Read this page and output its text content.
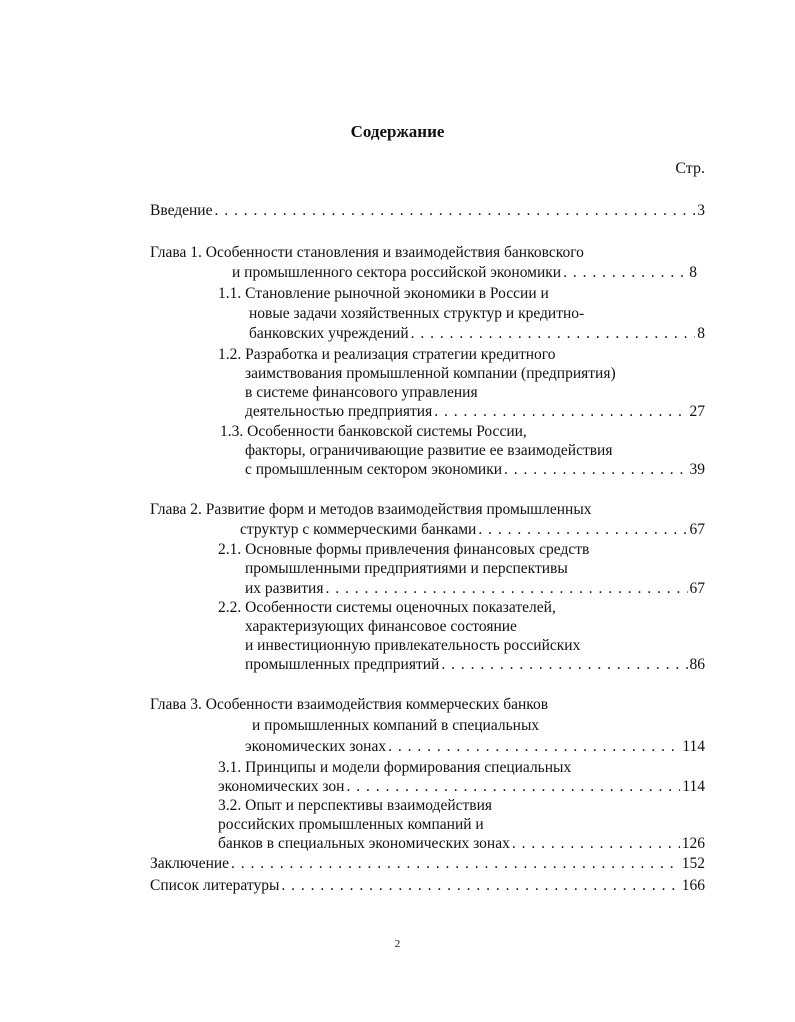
Содержание
Стр.
Введение . . .	3
Глава 1. Особенности становления и взаимодействия банковского
и промышленного сектора российской экономики . . .	8
1.1. Становление рыночной экономики в России и
новые задачи хозяйственных структур и кредитно-
банковских учреждений . . .	8
1.2. Разработка и реализация стратегии кредитного
заимствования промышленной компании (предприятия)
в системе финансового управления
деятельностью предприятия . . .	27
1.3. Особенности банковской системы России,
факторы, ограничивающие развитие ее взаимодействия
с промышленным сектором экономики . . .	39
Глава 2. Развитие форм и методов взаимодействия промышленных
структур с коммерческими банками . . .	67
2.1. Основные формы привлечения финансовых средств
промышленными предприятиями и перспективы
их развития . . .	67
2.2. Особенности системы оценочных показателей,
характеризующих финансовое состояние
и инвестиционную привлекательность российских
промышленных предприятий . . .	86
Глава 3. Особенности взаимодействия коммерческих банков
и промышленных компаний в специальных
экономических зонах . . .	114
3.1. Принципы и модели формирования специальных
экономических зон . . .	114
3.2. Опыт и перспективы взаимодействия
российских промышленных компаний и
банков в специальных экономических зонах . . .	126
Заключение . . .	152
Список литературы . . .	166
2
